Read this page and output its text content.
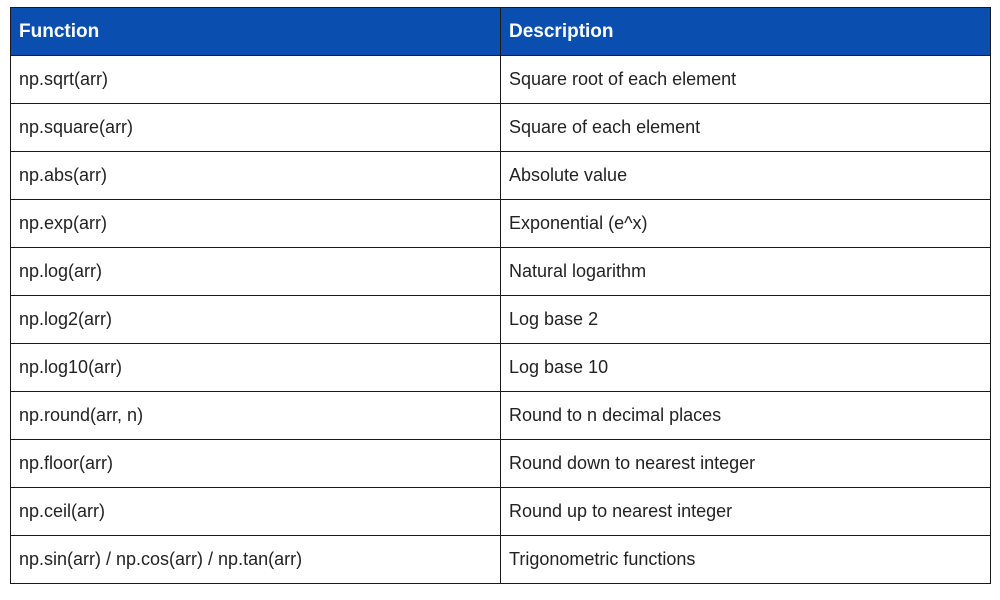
Function	Description
np.sqrt(arr)	Square root of each element
np.square(arr)	Square of each element
np.abs(arr)	Absolute value
np.exp(arr)	Exponential (e^x)
np.log(arr)	Natural logarithm
np.log2(arr)	Log base 2
np.log10(arr)	Log base 10
np.round(arr, n)	Round to n decimal places
np.floor(arr)	Round down to nearest integer
np.ceil(arr)	Round up to nearest integer
np.sin(arr) / np.cos(arr) / np.tan(arr)	Trigonometric functions
